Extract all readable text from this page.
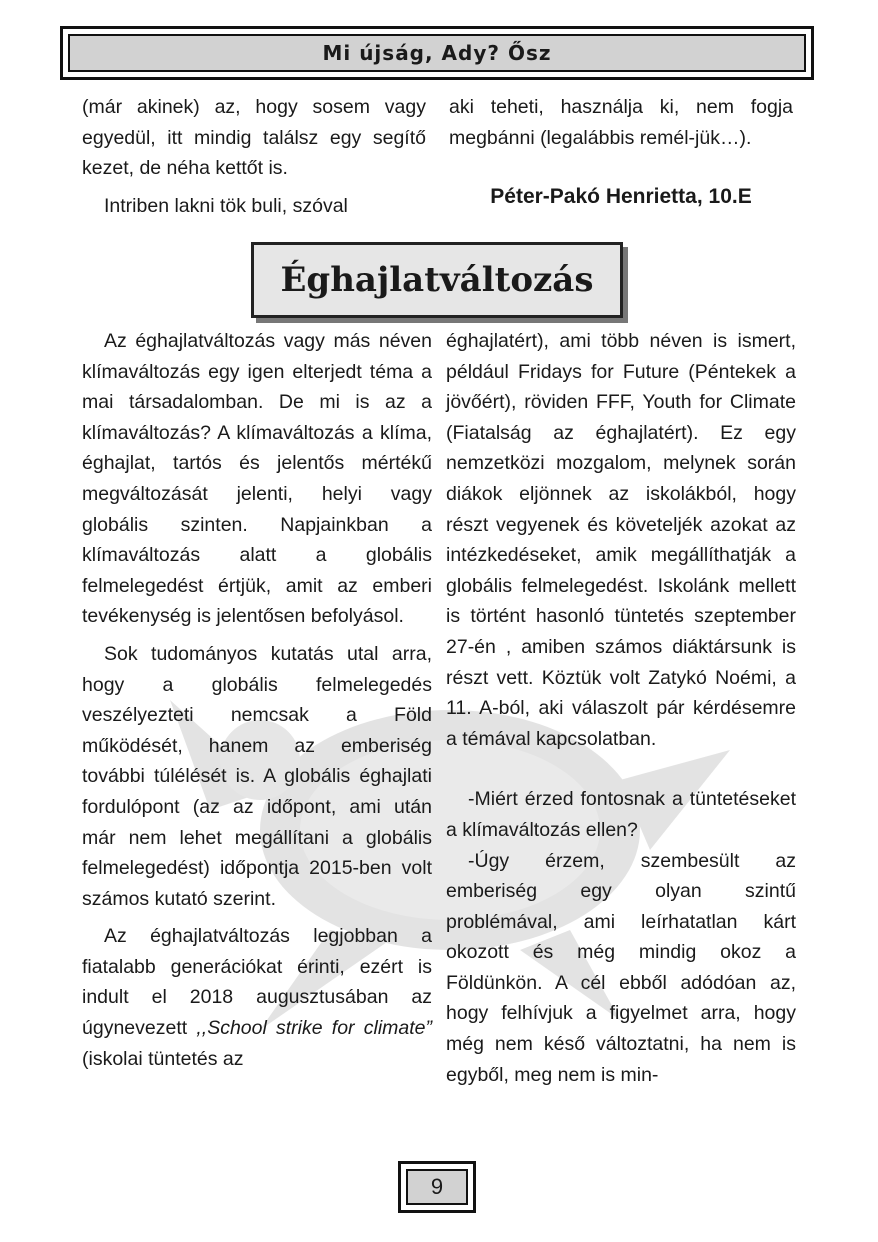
Mi újság, Ady? Ősz

(már akinek) az, hogy sosem vagy egyedül, itt mindig találsz egy segítő kezet, de néha kettőt is.

Intriben lakni tök buli, szóval

aki teheti, használja ki, nem fogja megbánni (legalábbis remél-jük…).

Péter-Pakó Henrietta, 10.E
Éghajlatváltozás

Az éghajlatváltozás vagy más néven klímaváltozás egy igen elterjedt téma a mai társadalomban. De mi is az a klímaváltozás? A klímaváltozás a klíma, éghajlat, tartós és jelentős mértékű megváltozását jelenti, helyi vagy globális szinten. Napjainkban a klímaváltozás alatt a globális felmelegedést értjük, amit az emberi tevékenység is jelentősen befolyásol.

Sok tudományos kutatás utal arra, hogy a globális felmelegedés veszélyezteti nemcsak a Föld működését, hanem az emberiség további túlélését is. A globális éghajlati fordulópont (az az időpont, ami után már nem lehet megállítani a globális felmelegedést) időpontja 2015-ben volt számos kutató szerint.

Az éghajlatváltozás legjobban a fiatalabb generációkat érinti, ezért is indult el 2018 augusztusában az úgynevezett ,,School strike for climate” (iskolai tüntetés az

éghajlatért), ami több néven is ismert, például Fridays for Future (Péntekek a jövőért), röviden FFF, Youth for Climate (Fiatalság az éghajlatért). Ez egy nemzetközi mozgalom, melynek során diákok eljönnek az iskolákból, hogy részt vegyenek és követeljék azokat az intézkedéseket, amik megállíthatják a globális felmelegedést. Iskolánk mellett is történt hasonló tüntetés szeptember 27-én , amiben számos diáktársunk is részt vett. Köztük volt Zatykó Noémi, a 11. A-ból, aki válaszolt pár kérdésemre a témával kapcsolatban.

-Miért érzed fontosnak a tüntetéseket a klímaváltozás ellen?

-Úgy érzem, szembesült az emberiség egy olyan szintű problémával, ami leírhatatlan kárt okozott és még mindig okoz a Földünkön. A cél ebből adódóan az, hogy felhívjuk a figyelmet arra, hogy még nem késő változtatni, ha nem is egyből, meg nem is min-

9
